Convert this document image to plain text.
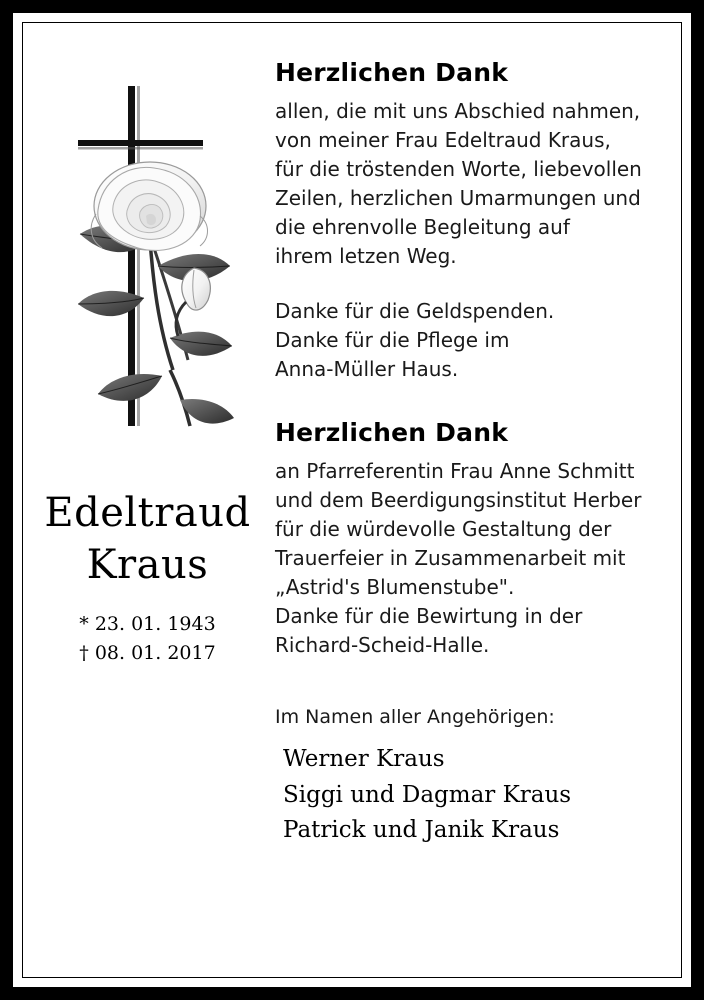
Edeltraud
Kraus
* 23. 01. 1943
† 08. 01. 2017
Herzlichen Dank
allen, die mit uns Abschied nahmen,
von meiner Frau Edeltraud Kraus,
für die tröstenden Worte, liebevollen
Zeilen, herzlichen Umarmungen und
die ehrenvolle Begleitung auf
ihrem letzen Weg.
Danke für die Geldspenden.
Danke für die Pflege im
Anna-Müller Haus.
Herzlichen Dank
an Pfarreferentin Frau Anne Schmitt
und dem Beerdigungsinstitut Herber
für die würdevolle Gestaltung der
Trauerfeier in Zusammenarbeit mit
„Astrid's Blumenstube".
Danke für die Bewirtung in der
Richard-Scheid-Halle.
Im Namen aller Angehörigen:
Werner Kraus
Siggi und Dagmar Kraus
Patrick und Janik Kraus
